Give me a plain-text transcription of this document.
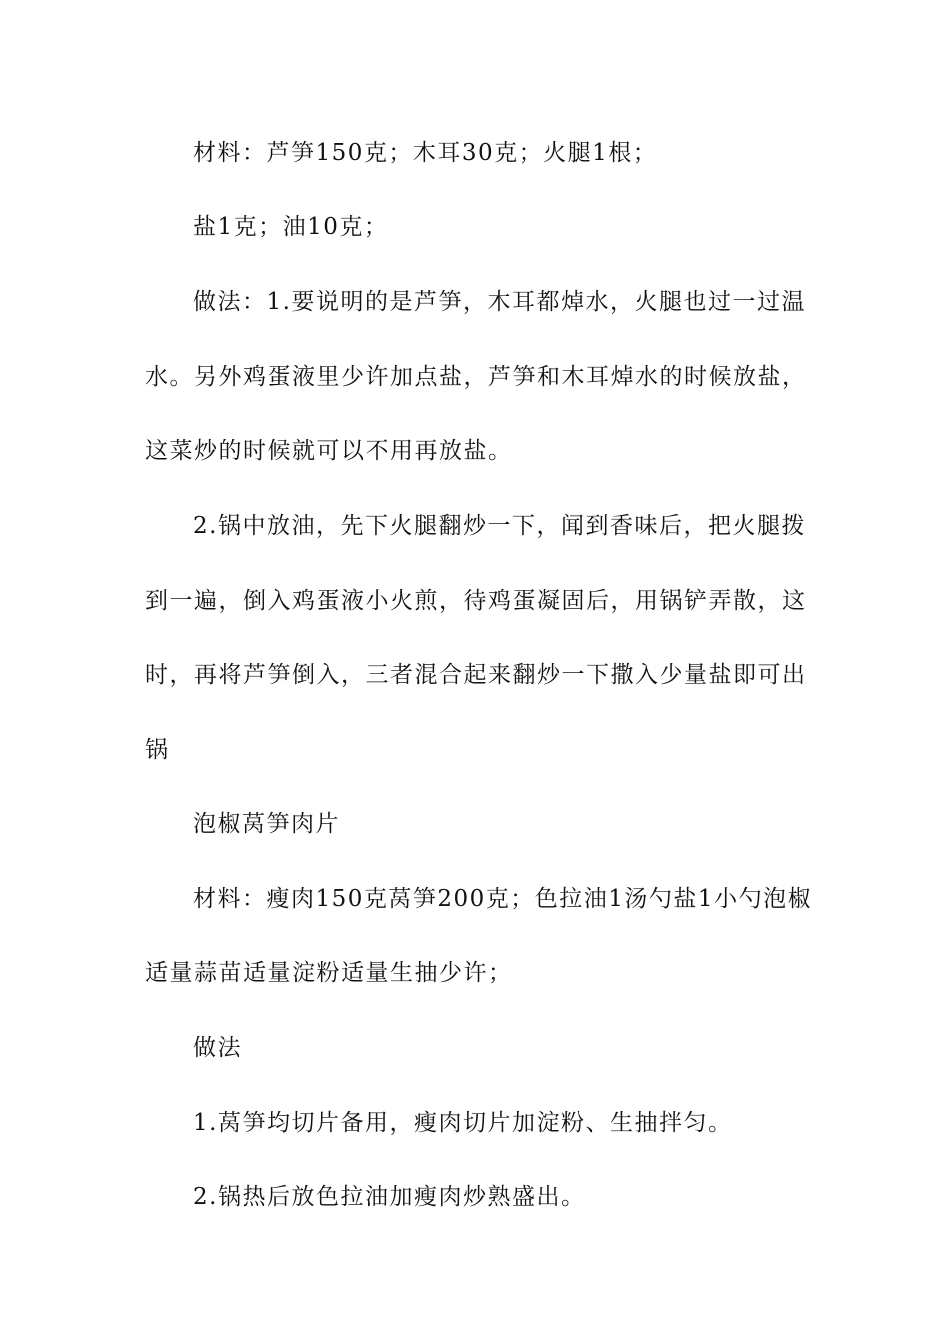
材料：芦笋150克；木耳30克；火腿1根；

盐1克；油10克；

做法：1.要说明的是芦笋，木耳都焯水，火腿也过一过温

水。另外鸡蛋液里少许加点盐，芦笋和木耳焯水的时候放盐，

这菜炒的时候就可以不用再放盐。

2.锅中放油，先下火腿翻炒一下，闻到香味后，把火腿拨

到一遍，倒入鸡蛋液小火煎，待鸡蛋凝固后，用锅铲弄散，这

时，再将芦笋倒入，三者混合起来翻炒一下撒入少量盐即可出

锅

泡椒莴笋肉片

材料：瘦肉150克莴笋200克；色拉油1汤勺盐1小勺泡椒

适量蒜苗适量淀粉适量生抽少许；

做法

1.莴笋均切片备用，瘦肉切片加淀粉、生抽拌匀。

2.锅热后放色拉油加瘦肉炒熟盛出。
